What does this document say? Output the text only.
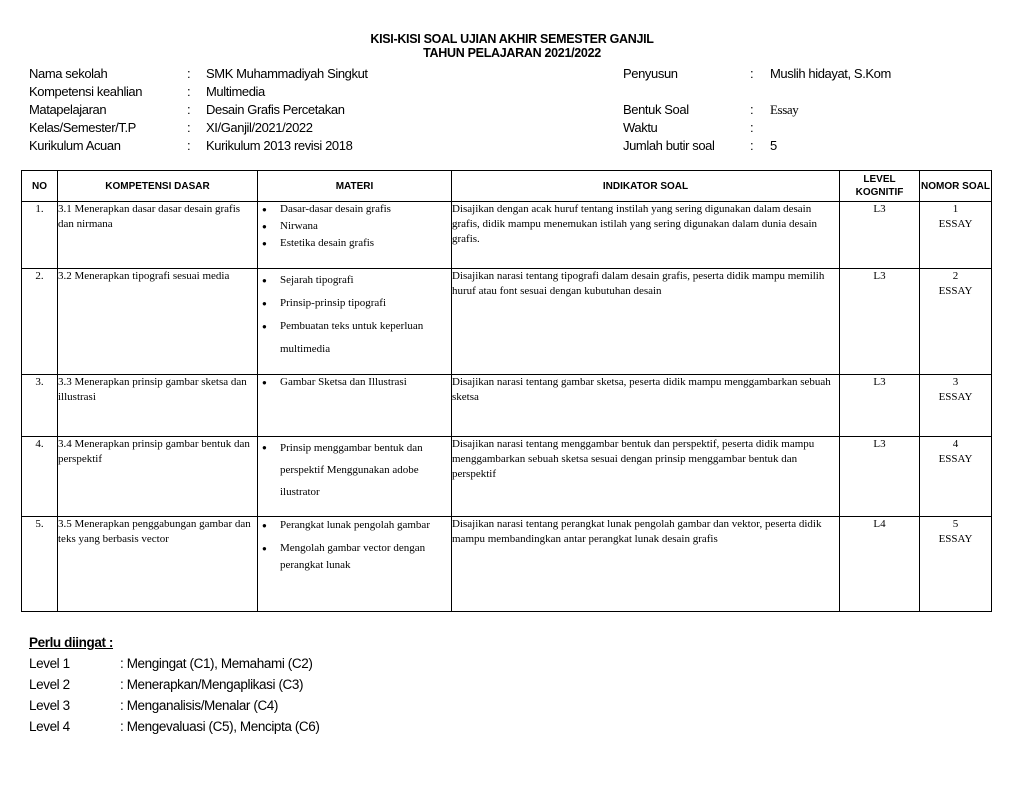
KISI-KISI SOAL UJIAN AKHIR SEMESTER GANJIL
TAHUN PELAJARAN 2021/2022
Nama sekolah	: SMK Muhammadiyah Singkut
Kompetensi keahlian	: Multimedia
Matapelajaran	: Desain Grafis Percetakan
Kelas/Semester/T.P	: XI/Ganjil/2021/2022
Kurikulum Acuan	: Kurikulum 2013 revisi 2018
Penyusun	: Muslih hidayat, S.Kom
Bentuk Soal	: Essay
Waktu	:
Jumlah butir soal	: 5
NO	KOMPETENSI DASAR	MATERI	INDIKATOR SOAL	LEVEL KOGNITIF	NOMOR SOAL
1.	3.1 Menerapkan dasar dasar desain grafis dan nirmana	● Dasar-dasar desain grafis
● Nirwana
● Estetika desain grafis	Disajikan dengan acak huruf tentang instilah yang sering digunakan dalam desain grafis, didik mampu menemukan istilah yang sering digunakan dalam dunia desain grafis.	L3	1
ESSAY

2.	3.2 Menerapkan tipografi sesuai media	● Sejarah tipografi
● Prinsip-prinsip tipografi
● Pembuatan teks untuk keperluan multimedia	Disajikan narasi tentang tipografi dalam desain grafis, peserta didik mampu memilih huruf atau font sesuai dengan kubutuhan desain	L3	2
ESSAY

3.	3.3 Menerapkan prinsip gambar sketsa dan illustrasi	● Gambar Sketsa dan Illustrasi	Disajikan narasi tentang gambar sketsa, peserta didik mampu menggambarkan sebuah sketsa	L3	3
ESSAY

4.	3.4 Menerapkan prinsip gambar bentuk dan perspektif	● Prinsip menggambar bentuk dan perspektif Menggunakan adobe ilustrator	Disajikan narasi tentang menggambar bentuk dan perspektif, peserta didik mampu menggambarkan sebuah sketsa sesuai dengan prinsip menggambar bentuk dan perspektif	L3	4
ESSAY

5.	3.5 Menerapkan penggabungan gambar dan teks yang berbasis vector	● Perangkat lunak pengolah gambar
● Mengolah gambar vector dengan perangkat lunak	Disajikan narasi tentang perangkat lunak pengolah gambar dan vektor, peserta didik mampu membandingkan antar perangkat lunak desain grafis	L4	5
ESSAY
Perlu diingat :
Level 1	: Mengingat (C1), Memahami (C2)
Level 2	: Menerapkan/Mengaplikasi (C3)
Level 3	: Menganalisis/Menalar (C4)
Level 4	: Mengevaluasi (C5), Mencipta (C6)
